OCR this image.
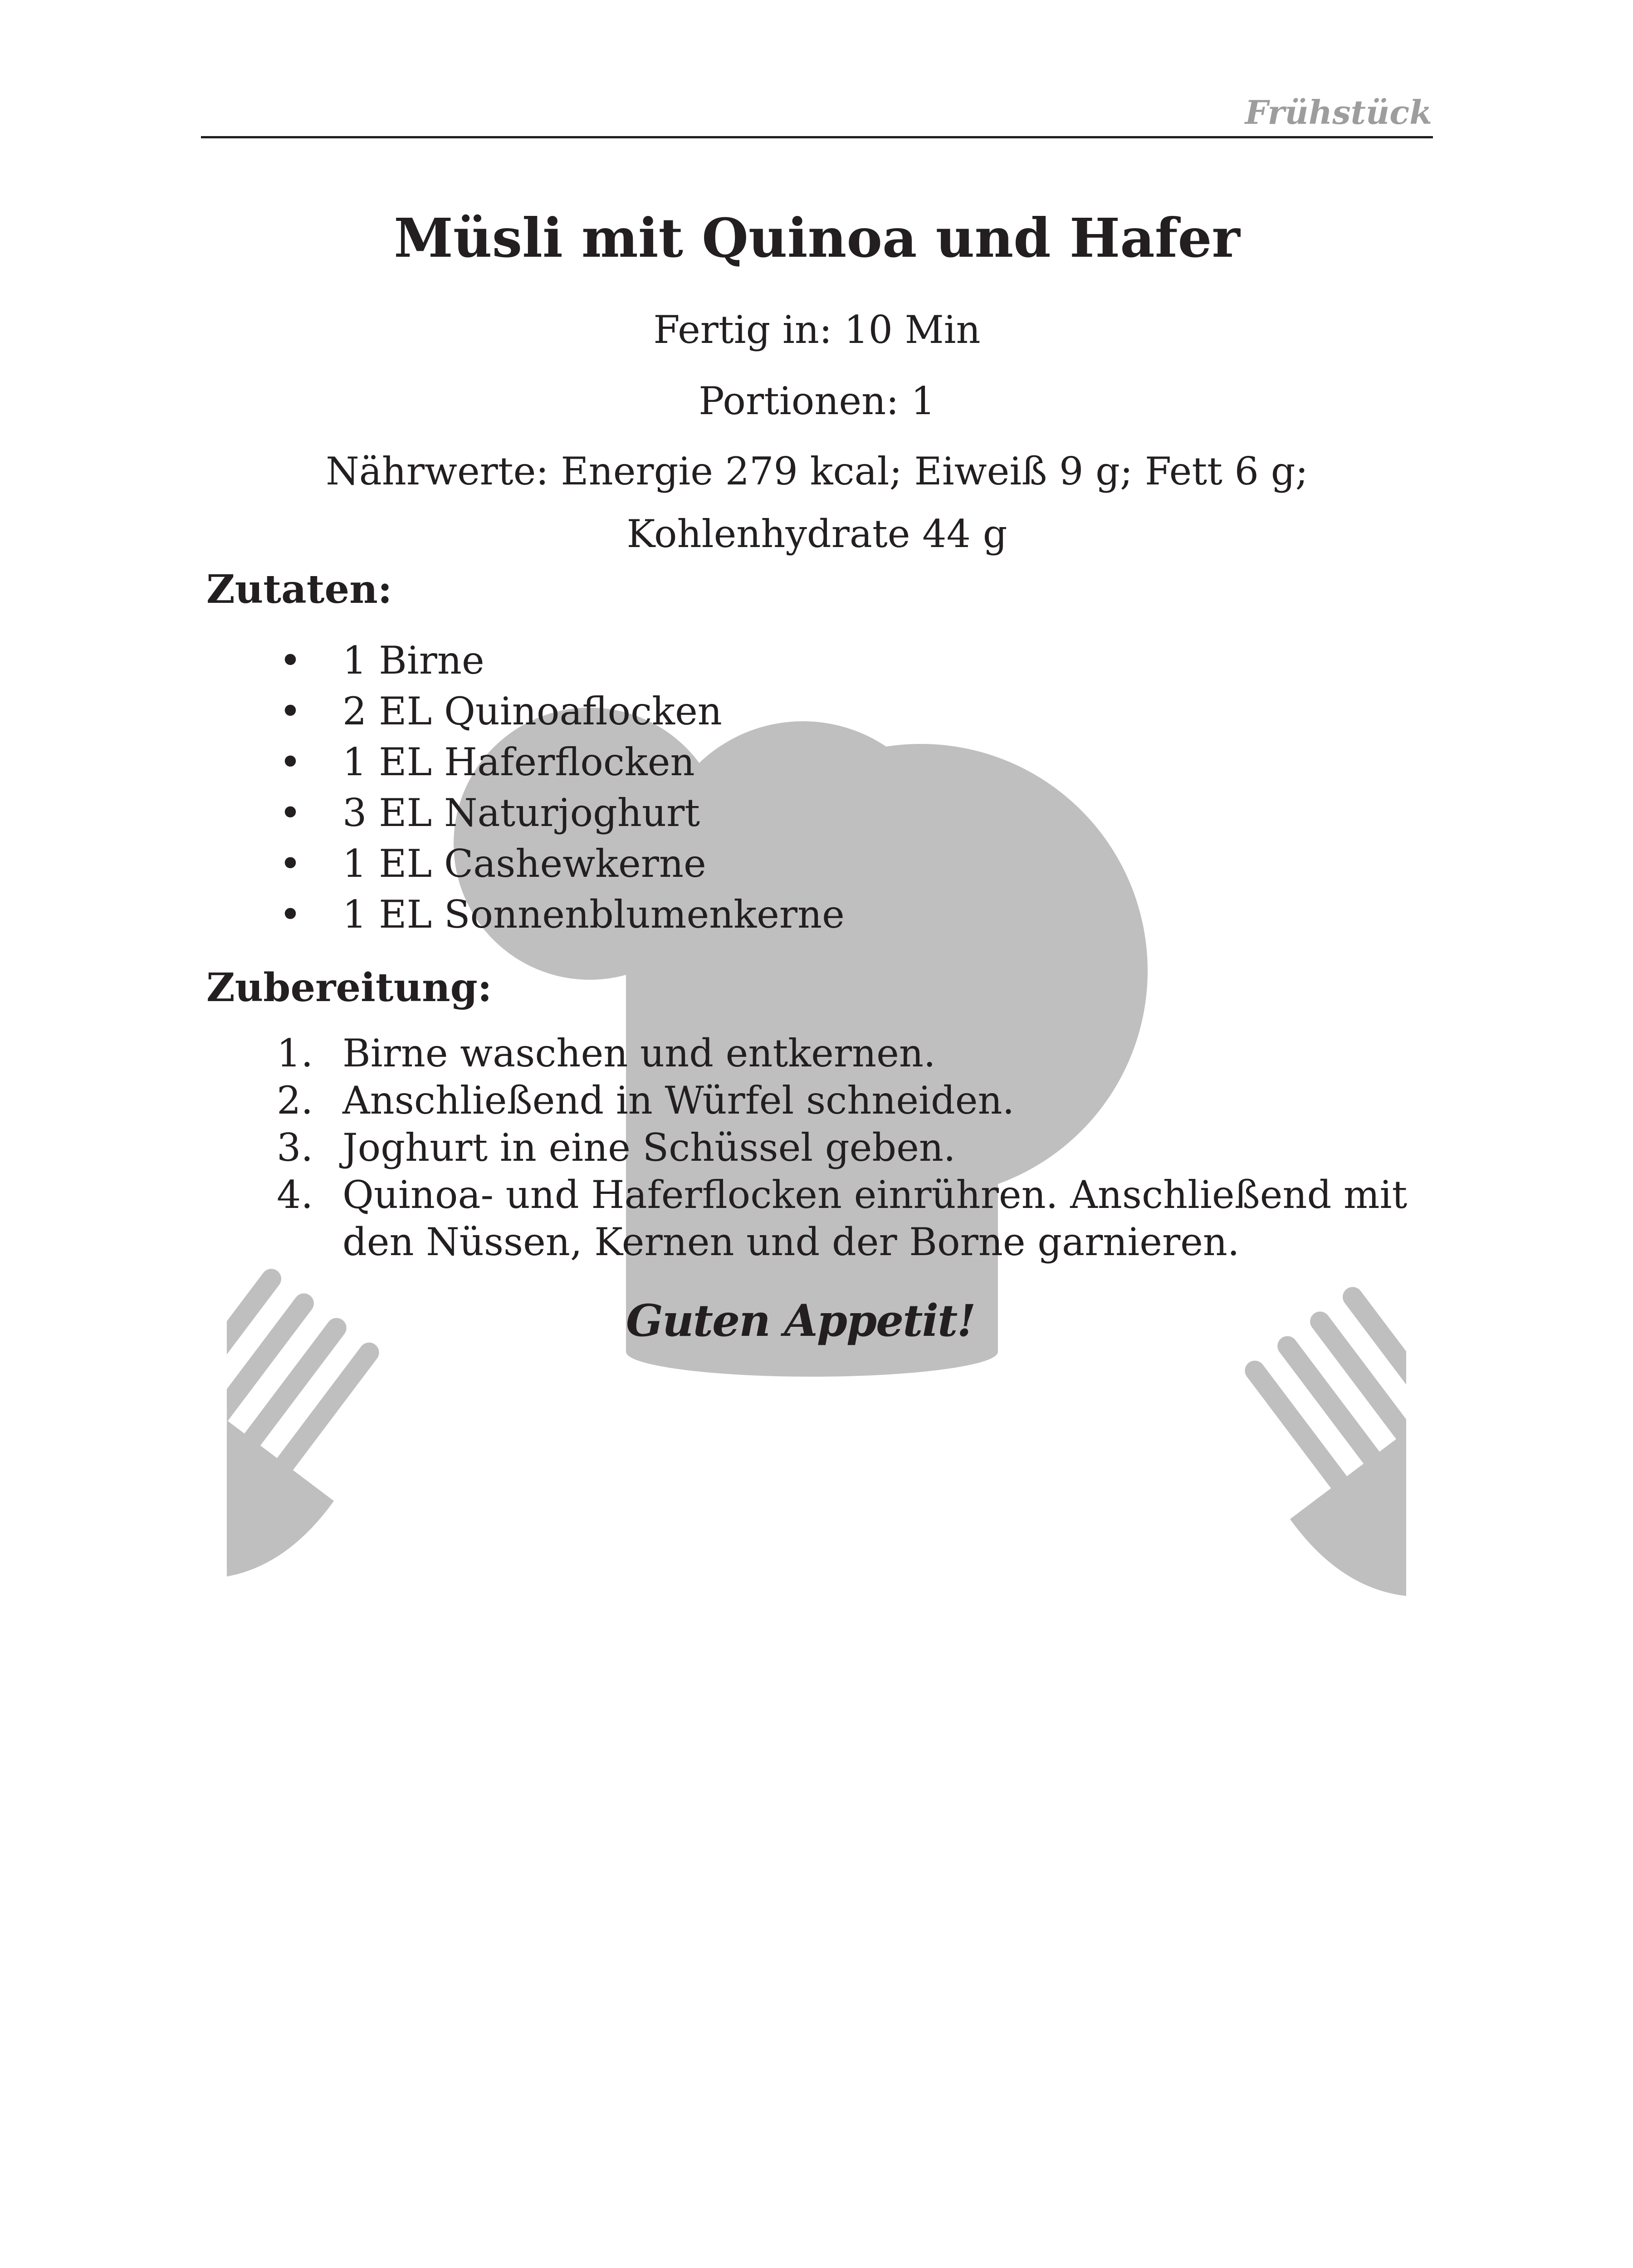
Frühstück
Müsli mit Quinoa und Hafer
Fertig in: 10 Min
Portionen: 1
Nährwerte: Energie 279 kcal; Eiweiß 9 g; Fett 6 g;
Kohlenhydrate 44 g
Zutaten:
• 1 Birne
• 2 EL Quinoaflocken
• 1 EL Haferflocken
• 3 EL Naturjoghurt
• 1 EL Cashewkerne
• 1 EL Sonnenblumenkerne
Zubereitung:
1. Birne waschen und entkernen.
2. Anschließend in Würfel schneiden.
3. Joghurt in eine Schüssel geben.
4. Quinoa- und Haferflocken einrühren. Anschließend mit den Nüssen, Kernen und der Borne garnieren.
Guten Appetit!
